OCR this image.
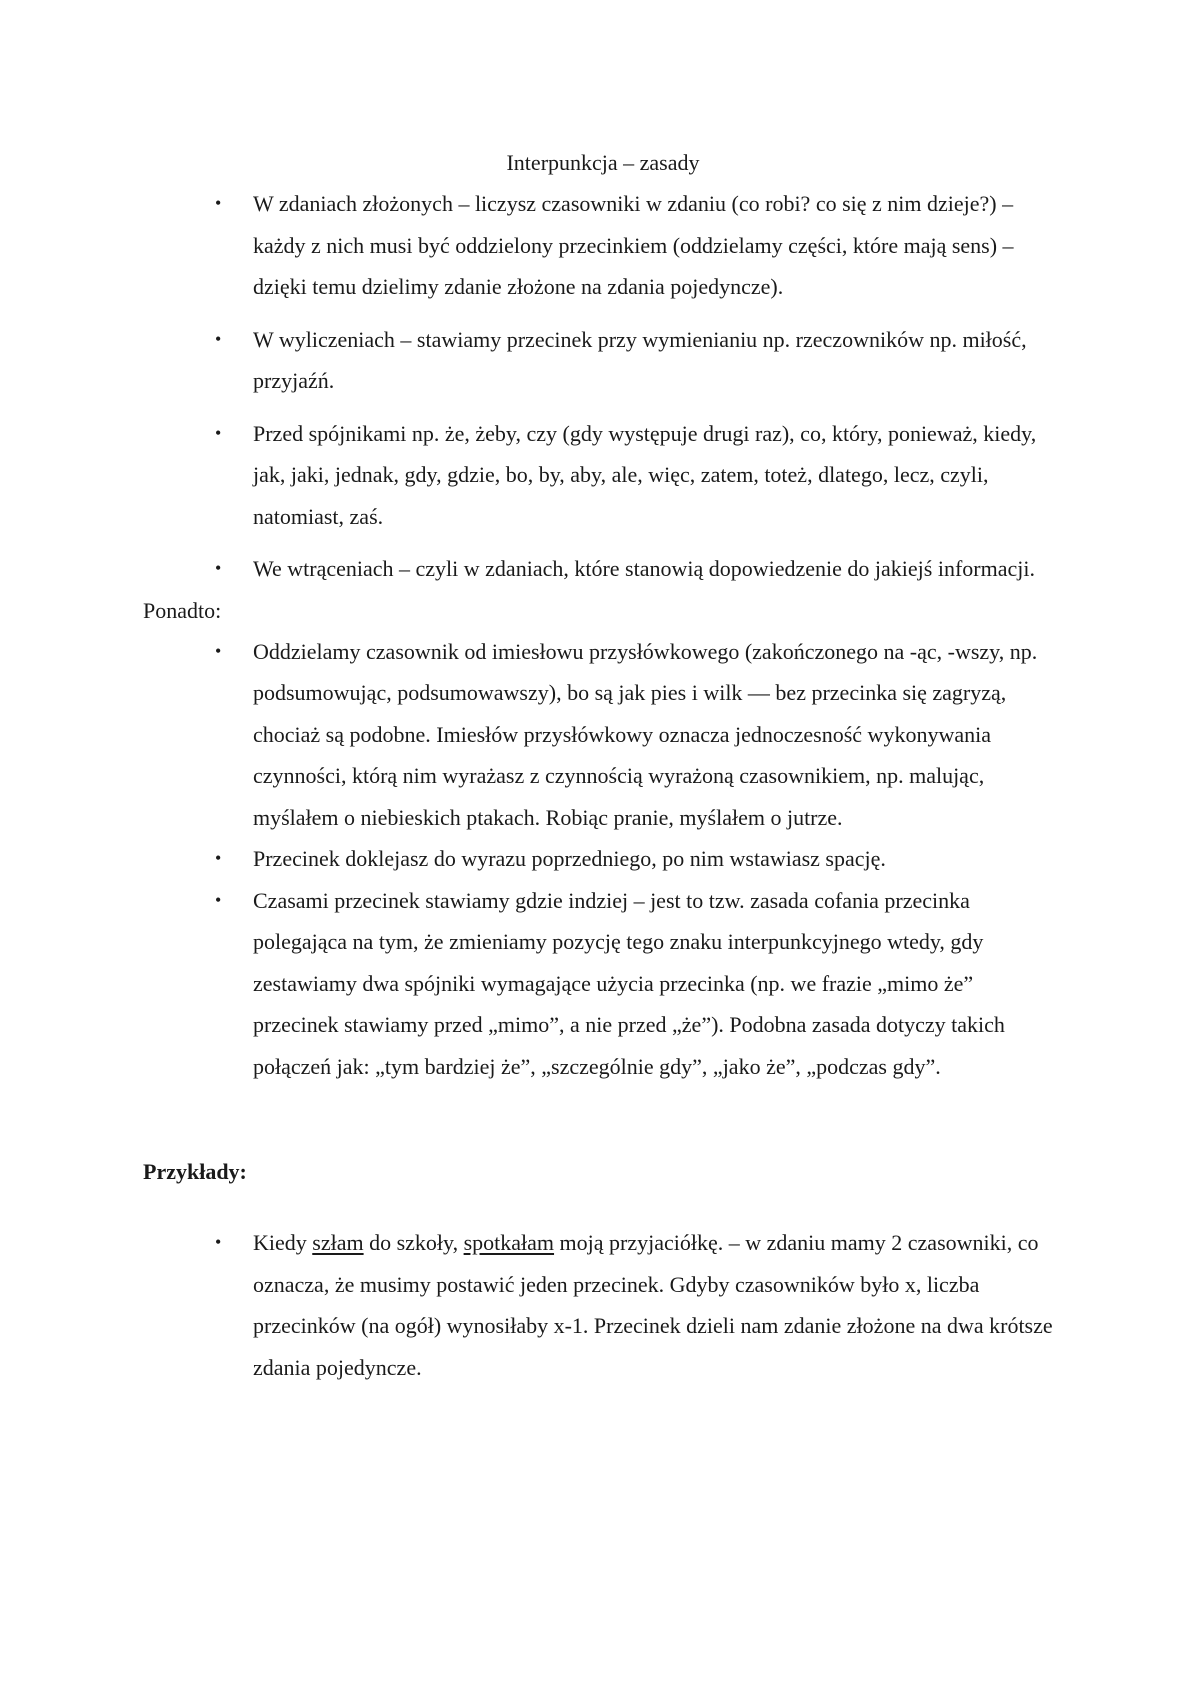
Interpunkcja – zasady

• W zdaniach złożonych – liczysz czasowniki w zdaniu (co robi? co się z nim dzieje?) – każdy z nich musi być oddzielony przecinkiem (oddzielamy części, które mają sens) – dzięki temu dzielimy zdanie złożone na zdania pojedyncze).
• W wyliczeniach – stawiamy przecinek przy wymienianiu np. rzeczowników np. miłość, przyjaźń.
• Przed spójnikami np. że, żeby, czy (gdy występuje drugi raz), co, który, ponieważ, kiedy, jak, jaki, jednak, gdy, gdzie, bo, by, aby, ale, więc, zatem, toteż, dlatego, lecz, czyli, natomiast, zaś.
• We wtrąceniach – czyli w zdaniach, które stanowią dopowiedzenie do jakiejś informacji.

Ponadto:

• Oddzielamy czasownik od imiesłowu przysłówkowego (zakończonego na -ąc, -wszy, np. podsumowując, podsumowawszy), bo są jak pies i wilk — bez przecinka się zagryzą, chociaż są podobne. Imiesłów przysłówkowy oznacza jednoczesność wykonywania czynności, którą nim wyrażasz z czynnością wyrażoną czasownikiem, np. malując, myślałem o niebieskich ptakach. Robiąc pranie, myślałem o jutrze.
• Przecinek doklejasz do wyrazu poprzedniego, po nim wstawiasz spację.
• Czasami przecinek stawiamy gdzie indziej – jest to tzw. zasada cofania przecinka polegająca na tym, że zmieniamy pozycję tego znaku interpunkcyjnego wtedy, gdy zestawiamy dwa spójniki wymagające użycia przecinka (np. we frazie „mimo że” przecinek stawiamy przed „mimo”, a nie przed „że”). Podobna zasada dotyczy takich połączeń jak: „tym bardziej że”, „szczególnie gdy”, „jako że”, „podczas gdy”.

Przykłady:

• Kiedy szłam do szkoły, spotkałam moją przyjaciółkę. – w zdaniu mamy 2 czasowniki, co oznacza, że musimy postawić jeden przecinek. Gdyby czasowników było x, liczba przecinków (na ogół) wynosiłaby x-1. Przecinek dzieli nam zdanie złożone na dwa krótsze zdania pojedyncze.
